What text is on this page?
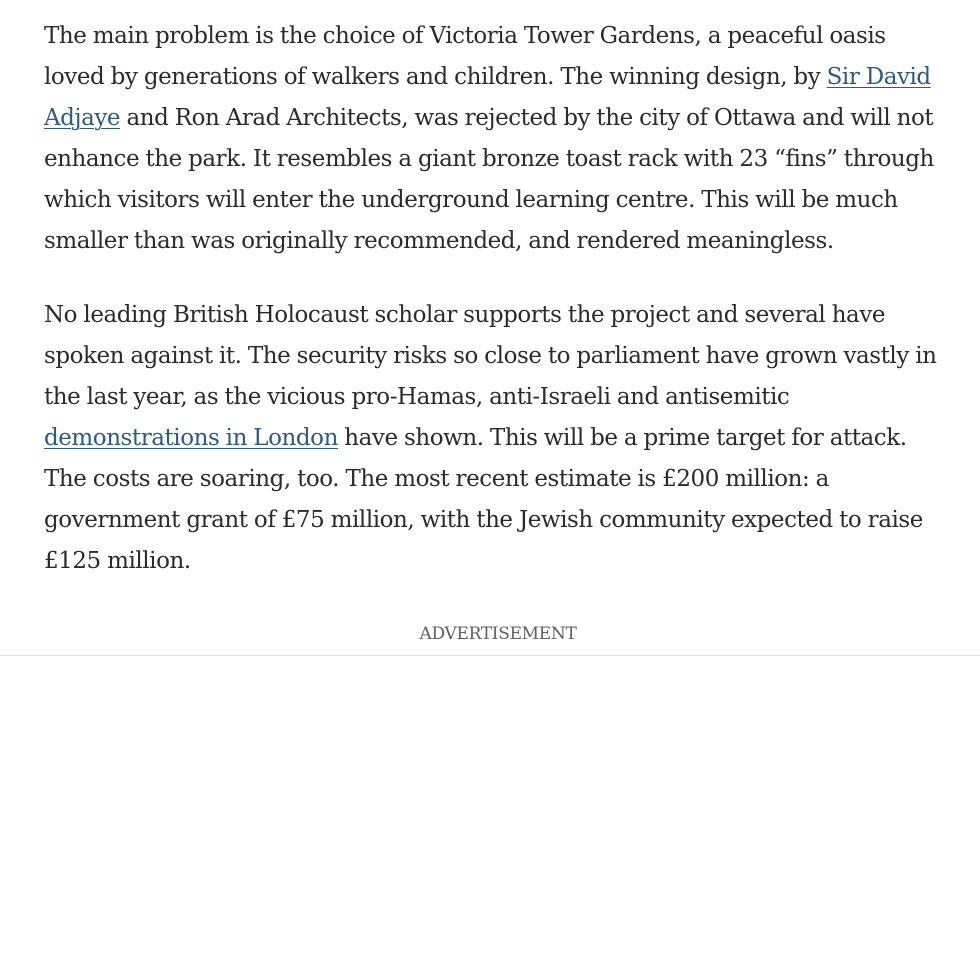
The main problem is the choice of Victoria Tower Gardens, a peaceful oasis loved by generations of walkers and children. The winning design, by Sir David Adjaye and Ron Arad Architects, was rejected by the city of Ottawa and will not enhance the park. It resembles a giant bronze toast rack with 23 “fins” through which visitors will enter the underground learning centre. This will be much smaller than was originally recommended, and rendered meaningless.

No leading British Holocaust scholar supports the project and several have spoken against it. The security risks so close to parliament have grown vastly in the last year, as the vicious pro-Hamas, anti-Israeli and antisemitic demonstrations in London have shown. This will be a prime target for attack. The costs are soaring, too. The most recent estimate is £200 million: a government grant of £75 million, with the Jewish community expected to raise £125 million.

ADVERTISEMENT
